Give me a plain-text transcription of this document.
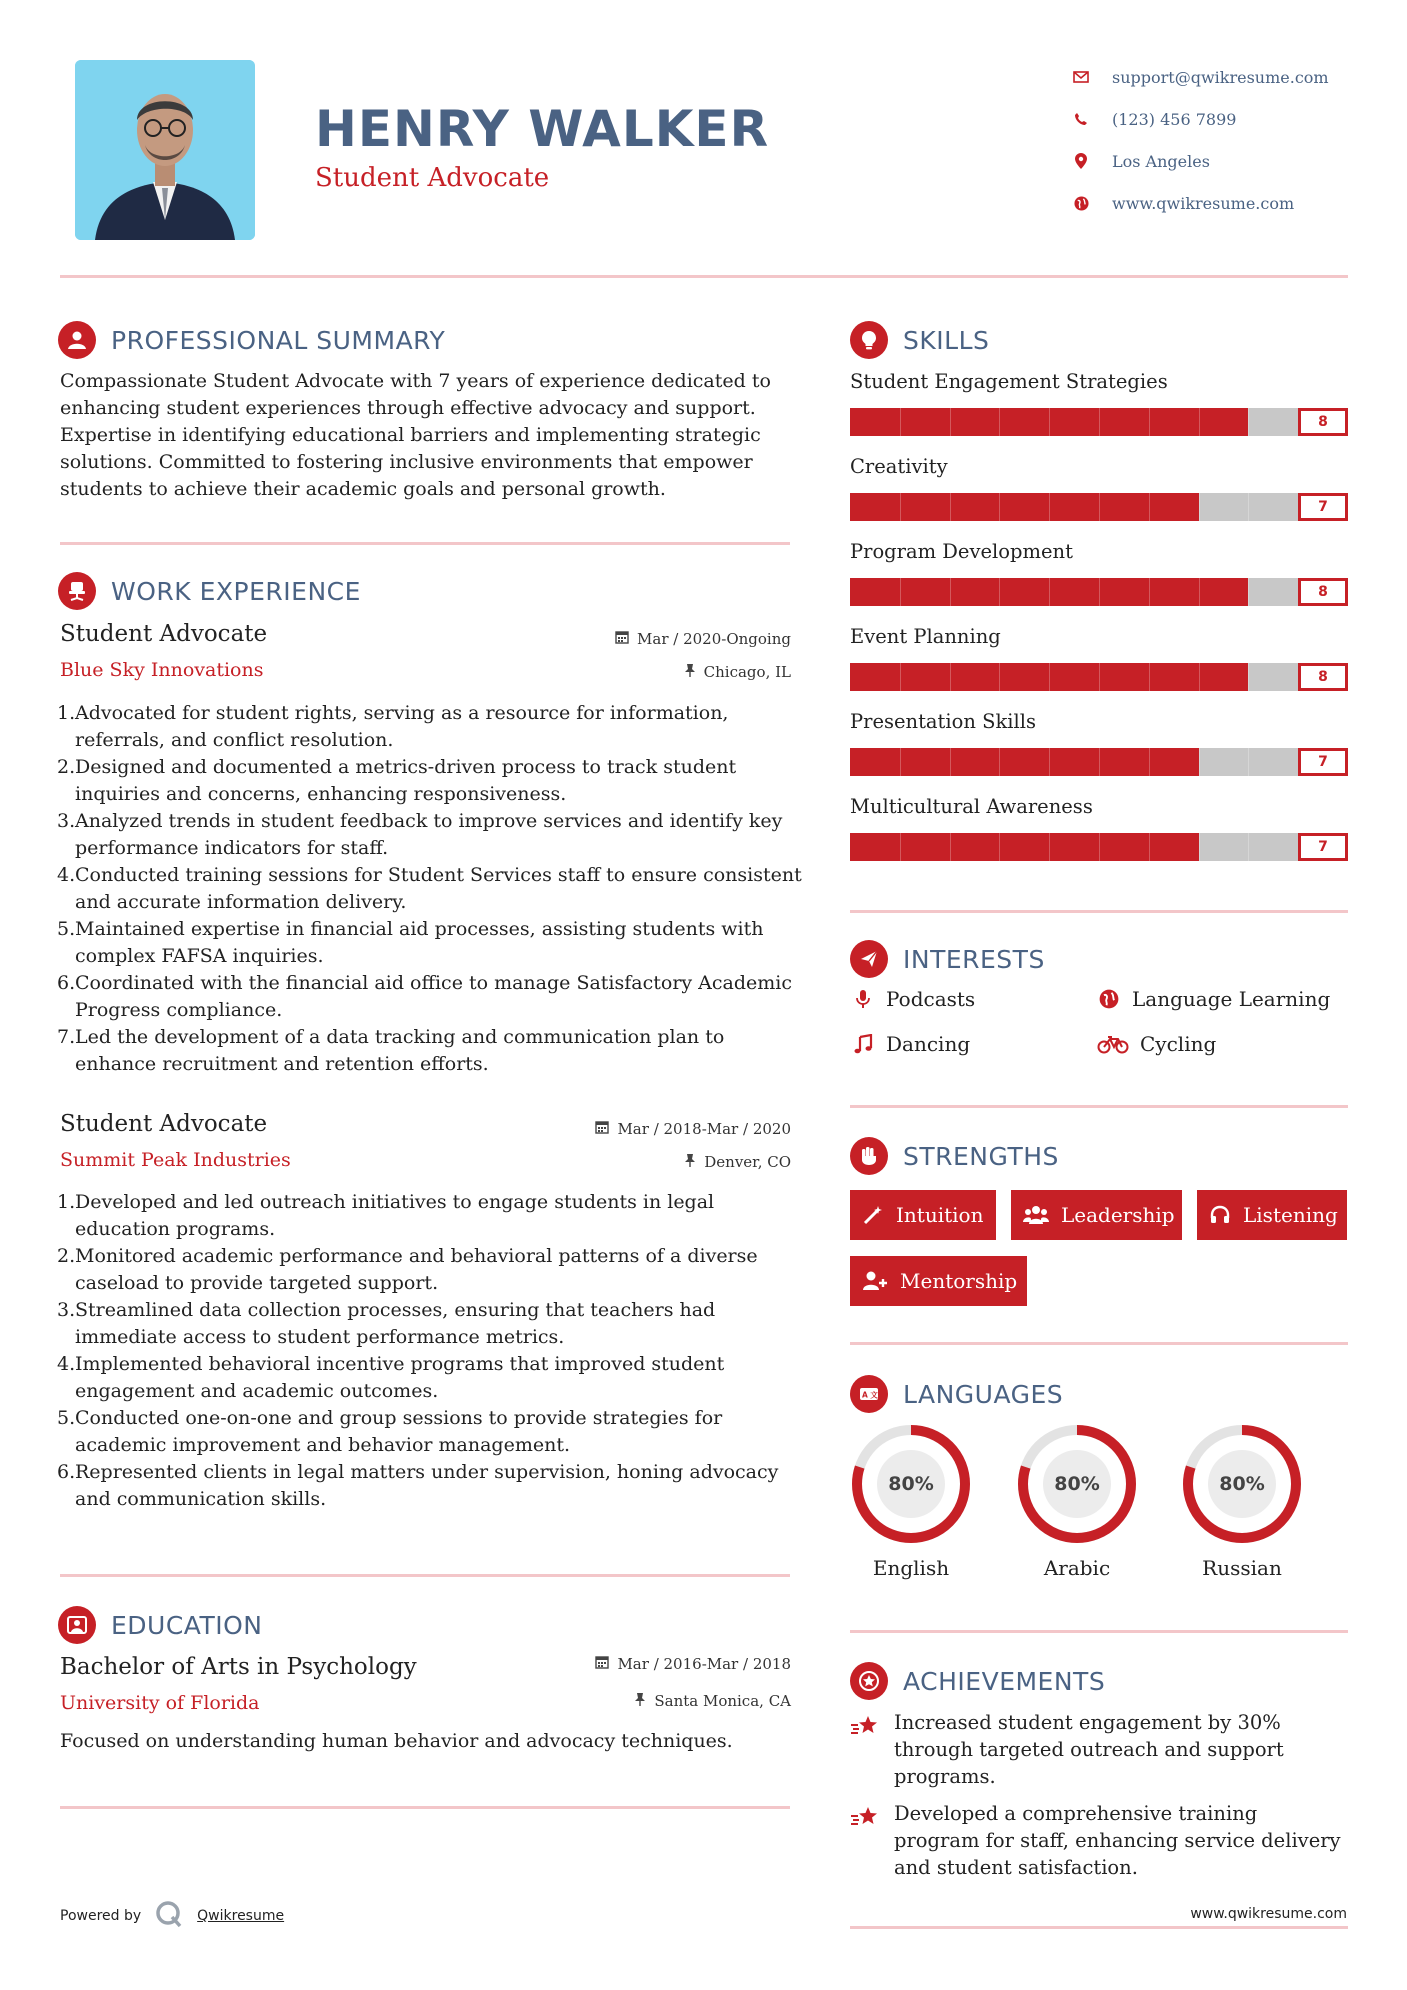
HENRY WALKER
Student Advocate
support@qwikresume.com
(123) 456 7899
Los Angeles
www.qwikresume.com
PROFESSIONAL SUMMARY
Compassionate Student Advocate with 7 years of experience dedicated to enhancing student experiences through effective advocacy and support. Expertise in identifying educational barriers and implementing strategic solutions. Committed to fostering inclusive environments that empower students to achieve their academic goals and personal growth.
WORK EXPERIENCE
Student Advocate
Blue Sky Innovations
Mar / 2020-Ongoing
Chicago, IL
Advocated for student rights, serving as a resource for information, referrals, and conflict resolution.
Designed and documented a metrics-driven process to track student inquiries and concerns, enhancing responsiveness.
Analyzed trends in student feedback to improve services and identify key performance indicators for staff.
Conducted training sessions for Student Services staff to ensure consistent and accurate information delivery.
Maintained expertise in financial aid processes, assisting students with complex FAFSA inquiries.
Coordinated with the financial aid office to manage Satisfactory Academic Progress compliance.
Led the development of a data tracking and communication plan to enhance recruitment and retention efforts.
Student Advocate
Summit Peak Industries
Mar / 2018-Mar / 2020
Denver, CO
Developed and led outreach initiatives to engage students in legal education programs.
Monitored academic performance and behavioral patterns of a diverse caseload to provide targeted support.
Streamlined data collection processes, ensuring that teachers had immediate access to student performance metrics.
Implemented behavioral incentive programs that improved student engagement and academic outcomes.
Conducted one-on-one and group sessions to provide strategies for academic improvement and behavior management.
Represented clients in legal matters under supervision, honing advocacy and communication skills.
EDUCATION
Bachelor of Arts in Psychology
University of Florida
Mar / 2016-Mar / 2018
Santa Monica, CA
Focused on understanding human behavior and advocacy techniques.
SKILLS
Student Engagement Strategies
8
Creativity
7
Program Development
8
Event Planning
8
Presentation Skills
7
Multicultural Awareness
7
INTERESTS
Podcasts	Language Learning
Dancing	Cycling
STRENGTHS
Intuition	Leadership	Listening
Mentorship
A 文 LANGUAGES
80%
English
80%
Arabic
80%
Russian
ACHIEVEMENTS
Increased student engagement by 30% through targeted outreach and support programs.
Developed a comprehensive training program for staff, enhancing service delivery and student satisfaction.
Powered by	Qwikresume	www.qwikresume.com
